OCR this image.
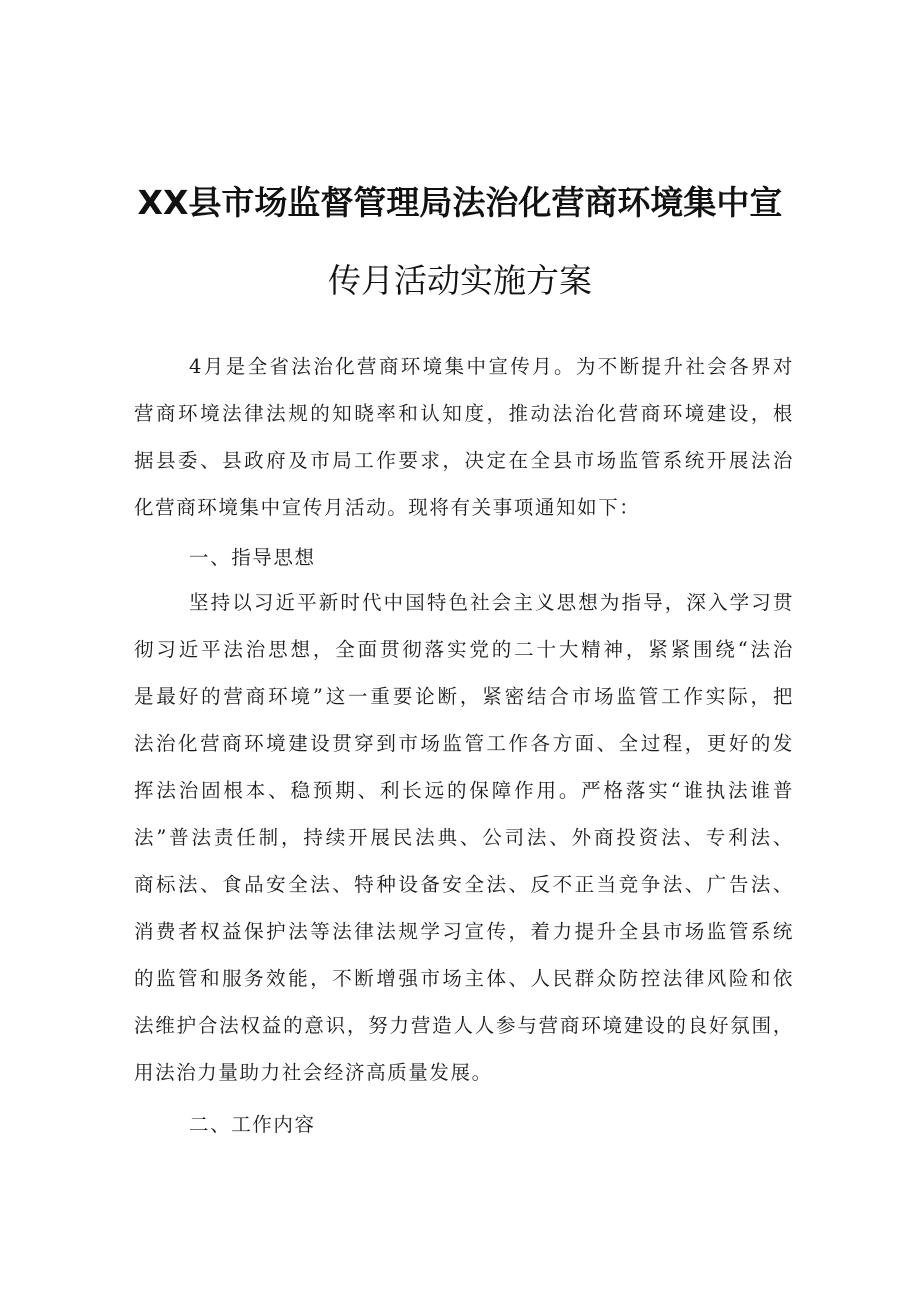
XX县市场监督管理局法治化营商环境集中宣
传月活动实施方案
4月是全省法治化营商环境集中宣传月。为不断提升社会各界对
营商环境法律法规的知晓率和认知度，推动法治化营商环境建设，根
据县委、县政府及市局工作要求，决定在全县市场监管系统开展法治
化营商环境集中宣传月活动。现将有关事项通知如下：
一、指导思想
坚持以习近平新时代中国特色社会主义思想为指导，深入学习贯
彻习近平法治思想，全面贯彻落实党的二十大精神，紧紧围绕“法治
是最好的营商环境”这一重要论断，紧密结合市场监管工作实际，把
法治化营商环境建设贯穿到市场监管工作各方面、全过程，更好的发
挥法治固根本、稳预期、利长远的保障作用。严格落实“谁执法谁普
法”普法责任制，持续开展民法典、公司法、外商投资法、专利法、
商标法、食品安全法、特种设备安全法、反不正当竞争法、广告法、
消费者权益保护法等法律法规学习宣传，着力提升全县市场监管系统
的监管和服务效能，不断增强市场主体、人民群众防控法律风险和依
法维护合法权益的意识，努力营造人人参与营商环境建设的良好氛围，
用法治力量助力社会经济高质量发展。
二、工作内容
